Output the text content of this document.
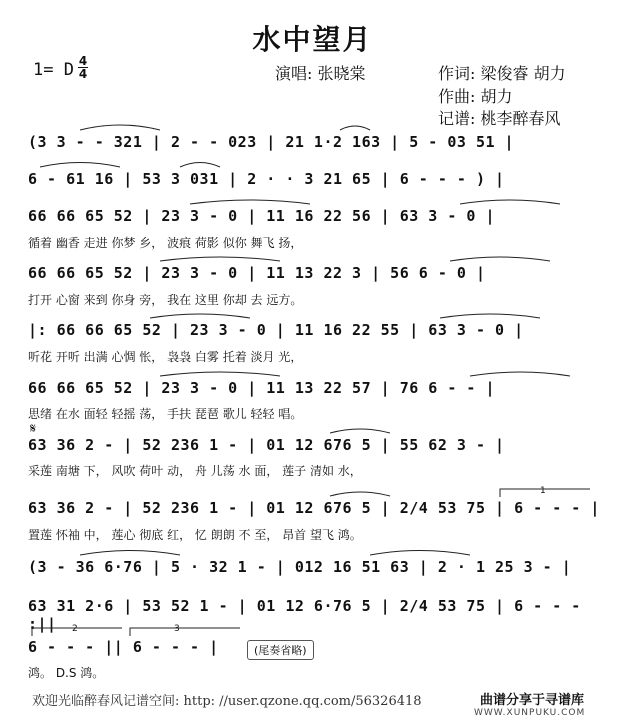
水中望月
1= D 4
4	演唱: 张晓棠	作词: 梁俊睿 胡力
作曲: 胡力
记谱: 桃李醉春风
(3 3 - - 321 | 2 - - 023 | 21 1·2 163 | 5 - 03 51 |
6 - 61 16 | 53 3 031 | 2 · · 3 21 65 | 6 - - - ) |
66 66 65 52 | 23 3 - 0 | 11 16 22 56 | 63 3 - 0 |
循着 幽香 走进 你梦 乡， 波痕 荷影 似你 舞飞 扬，
66 66 65 52 | 23 3 - 0 | 11 13 22 3 | 56 6 - 0 |
打开 心窗 来到 你身 旁， 我在 这里 你却 去 远方。
|: 66 66 65 52 | 23 3 - 0 | 11 16 22 55 | 63 3 - 0 |
听花 开听 出满 心惆 怅， 袅袅 白雾 托着 淡月 光，
66 66 65 52 | 23 3 - 0 | 11 13 22 57 | 76 6 - - |
思绪 在水 面轻 轻摇 荡， 手扶 琵琶 歌儿 轻轻 唱。
𝄋
63 36 2 - | 52 236 1 - | 01 12 676 5 | 55 62 3 - |
采莲 南塘 下， 风吹 荷叶 动， 舟 儿荡 水 面， 莲子 清如 水，
1
63 36 2 - | 52 236 1 - | 01 12 676 5 | 2/4 53 75 | 6 - - - |
置莲 怀袖 中， 莲心 彻底 红， 忆 朗朗 不 至， 昂首 望飞 鸿。
(3 - 36 6·76 | 5 · 32 1 - | 012 16 51 63 | 2 · 1 25 3 - |
63 31 2·6 | 53 52 1 - | 01 12 6·76 5 | 2/4 53 75 | 6 - - - :||	2	3
6 - - - || 6 - - - |
鸿。 D.S 鸿。
(尾奏省略)
欢迎光临醉春风记谱空间: http: //user.qzone.qq.com/56326418	曲谱分享于寻谱库
WWW.XUNPUKU.COM
